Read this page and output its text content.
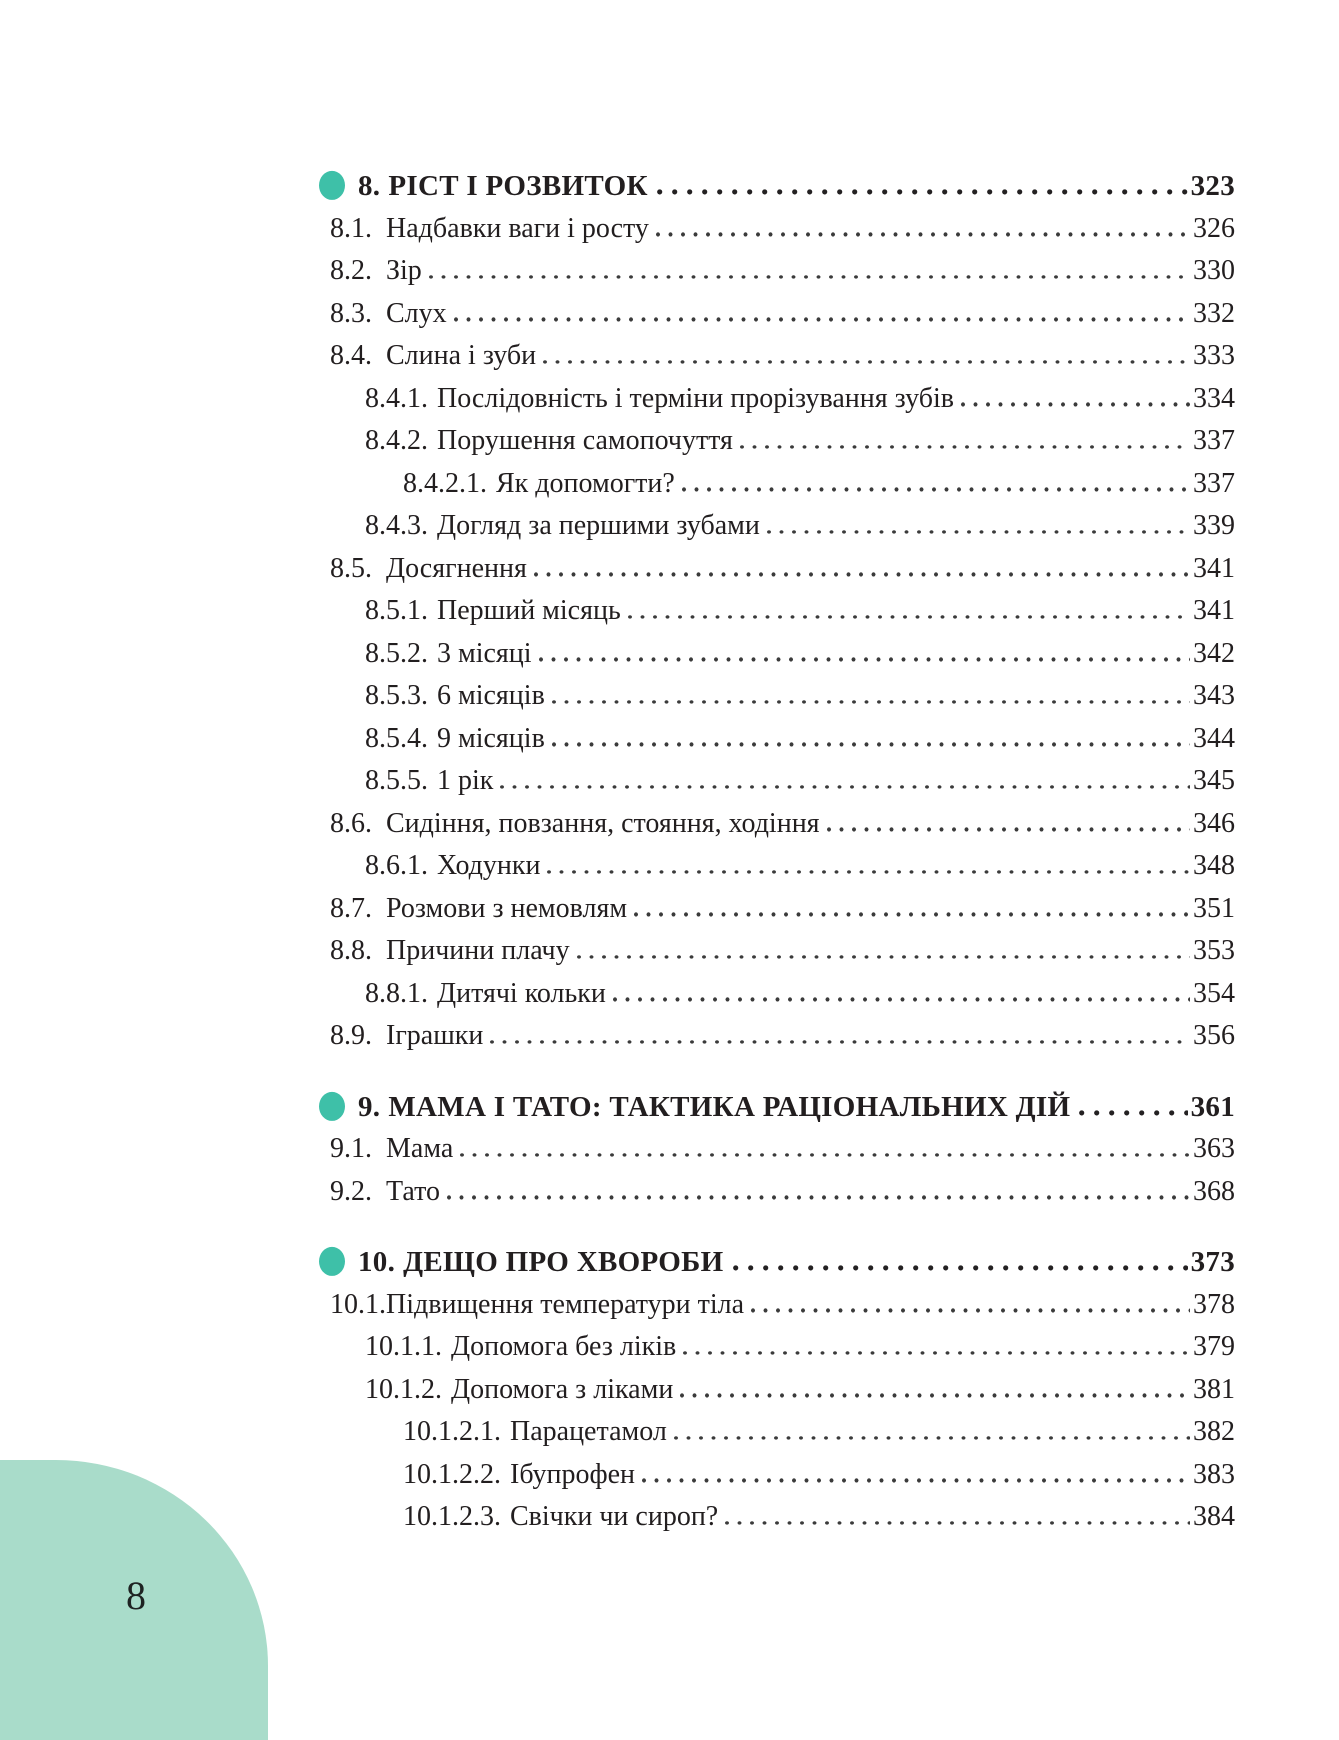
8. РІСТ І РОЗВИТОК	323
8.1. Надбавки ваги і росту	326
8.2. Зір	330
8.3. Слух	332
8.4. Слина і зуби	333
8.4.1. Послідовність і терміни прорізування зубів	334
8.4.2. Порушення самопочуття	337
8.4.2.1. Як допомогти?	337
8.4.3. Догляд за першими зубами	339
8.5. Досягнення	341
8.5.1. Перший місяць	341
8.5.2. 3 місяці	342
8.5.3. 6 місяців	343
8.5.4. 9 місяців	344
8.5.5. 1 рік	345
8.6. Сидіння, повзання, стояння, ходіння	346
8.6.1. Ходунки	348
8.7. Розмови з немовлям	351
8.8. Причини плачу	353
8.8.1. Дитячі кольки	354
8.9. Іграшки	356
9. МАМА І ТАТО: ТАКТИКА РАЦІОНАЛЬНИХ ДІЙ	361
9.1. Мама	363
9.2. Тато	368
10. ДЕЩО ПРО ХВОРОБИ	373
10.1. Підвищення температури тіла	378
10.1.1. Допомога без ліків	379
10.1.2. Допомога з ліками	381
10.1.2.1. Парацетамол	382
10.1.2.2. Ібупрофен	383
10.1.2.3. Свічки чи сироп?	384
8
